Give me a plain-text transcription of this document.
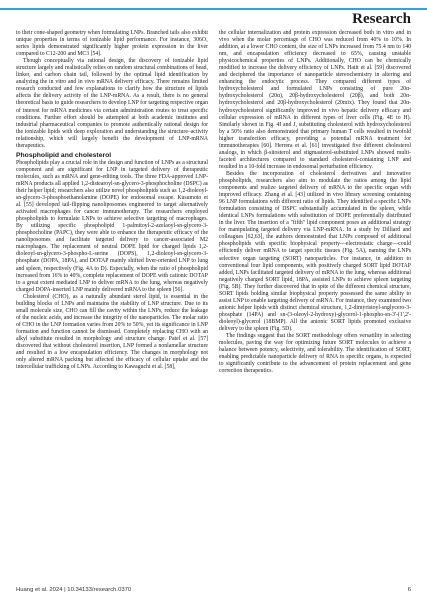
Research

to their cone-shaped geometry when formulating LNPs. Branched tails also exhibit unique properties in terms of ionizable lipid performance. For instance, 306O₁ series lipids demonstrated significantly higher protein expression in the liver compared to C12-200 and MC3 [54].

Though conceptually via rational design, the discovery of ionizable lipid structure largely and realistically relies on random structural combinations of head, linker, and carbon chain tail, followed by the optimal lipid identification by analyzing the in vitro and in vivo mRNA delivery efficacy. There remains limited research conducted and few explanations to clarify how the structure of lipids affects the delivery activity of the LNP-mRNA. As a result, there is no general theoretical basis to guide researchers to develop LNP for targeting respective organ of interest for mRNA medicines via certain administration routes to treat specific conditions. Further effort should be attempted at both academic institutes and industrial pharmaceutical companies to promote authentically rational design for the ionizable lipids with deep exploration and understanding the structure–activity relationship, which will largely benefit the development of LNP-mRNA therapeutics.

Phospholipid and cholesterol

Phospholipids play a crucial role in the design and function of LNPs as a structural component and are significant for LNP in targeted delivery of therapeutic molecules, such as mRNA and gene-editing tools. The three FDA-approved LNP-mRNA products all applied 1,2-distearoyl-sn-glycero-3-phosphocholine (DSPC) as their helper lipid; researchers also utilize novel phospholipids such as 1,2-dioleoyl-sn-glycero-3-phosphoethanolamine (DOPE) for endosomal escape. Kusumoto et al. [55] developed tail-flipping nanoliposomes engineered to target alternatively activated macrophages for cancer immunotherapy. The researchers employed phospholipids to formulate LNPs to achieve selective targeting of macrophages. By utilizing specific phospholipid 1-palmitoyl-2-azelaoyl-sn-glycero-3-phosphocholine (PAPC), they were able to enhance the therapeutic efficacy of the nanoliposomes and facilitate targeted delivery to cancer-associated M2 macrophages. The replacement of neutral DOPE lipid for charged lipids 1,2-dioleoyl-sn-glycero-3-phospho-L-serine (DOPS), 1,2-dioleoyl-sn-glycero-3-phosphate (DOPA, 18PA), and DOTAP mainly shifted liver-oriented LNP to lung and spleen, respectively (Fig. 4A to D). Especially, when the ratio of phospholipid increased from 16% to 40%, complete replacement of DOPE with cationic DOTAP to a great extent mediated LNP to deliver mRNA to the lung, whereas negatively charged DOPA-inserted LNP mainly delivered mRNA to the spleen [56].

Cholesterol (CHO), as a naturally abundant sterol lipid, is essential in the building blocks of LNPs and maintains the stability of LNP structure. Due to its small molecule size, CHO can fill the cavity within the LNPs, reduce the leakage of the nucleic acids, and increase the integrity of the nanoparticles. The molar ratio of CHO in the LNP formation varies from 20% to 50%, yet its significance in LNP formation and function cannot be dismissed. Completely replacing CHO with an alkyl substitute resulted in morphology and structure change. Patel et al. [57] discovered that without cholesterol insertion, LNP formed a nonlamellar structure and resulted in a low encapsulation efficiency. The changes in morphology not only altered mRNA packing but affected the efficacy of cellular uptake and the intercellular trafficking of LNPs. According to Kawaguchi et al. [58],

the cellular internalization and protein expression decreased both in vitro and in vivo when the molar percentage of CHO was reduced from 40% to 10%. In addition, at a lower CHO content, the size of LNPs increased from 75.4 nm to 140 nm, and encapsulation efficiency decreased to 65%, causing unstable physicochemical properties of LNPs. Additionally, CHO can be chemically modified to increase the delivery efficiency of LNPs. Hatit et al. [59] discovered and deciphered the importance of nanoparticle stereochemistry in altering and enhancing the endocytic process. They compared different types of hydroxycholesterol and formulated LNPs consisting of pure 20α-hydroxycholesterol (20α), 20β-hydroxycholesterol (20β), and both 20α-hydroxycholesterol and 20β-hydroxycholesterol (20mix). They found that 20α-hydroxycholesterol significantly improved in vivo hepatic delivery efficacy and cellular expression of mRNA in different types of liver cells (Fig. 4E to H). Similarly shown in Fig. 4I and J, substituting cholesterol with hydroxycholesterol by a 50% ratio also demonstrated that primary human T cells resulted in twofold higher transfection efficacy, providing a potential mRNA treatment for immunotherapies [60]. Herrera et al. [61] investigated five different cholesterol analogs, in which β-sitosterol and stigmasterol-substituted LNPs showed multi-faceted architectures compared to standard cholesterol-containing LNP and resulted in a 10-fold increase in endosomal perturbation efficiency.

Besides the incorporation of cholesterol derivatives and innovative phospholipids, researchers also aim to modulate the ratios among the lipid components and realize targeted delivery of mRNA to the specific organ with improved efficacy. Zhang et al. [43] utilized in vivo library screening containing 96 LNP formulations with different ratio of lipids. They identified a specific LNPs formulation consisting of DSPC substantially accumulated in the spleen, while identical LNPs formulations with substitution of DOPE preferentially distributed in the liver. The insertion of a "fifth" lipid component poses an additional strategy for manipulating targeted delivery via LNP-mRNA. In a study by Dilliard and colleagues [62,63], the authors demonstrated that LNPs composed of additional phospholipids with specific biophysical property—electrostatic charge—could efficiently deliver mRNA to target specific tissues (Fig. 5A), naming the LNPs selective organ targeting (SORT) nanoparticles. For instance, in addition to conventional four lipid components, with positively charged SORT lipid DOTAP added, LNPs facilitated targeted delivery of mRNA to the lung, whereas additional negatively charged SORT lipid, 18PA, assisted LNPs to achieve spleen targeting (Fig. 5B). They further discovered that in spite of the different chemical structure, SORT lipids holding similar biophysical property possessed the same ability to assist LNP to enable targeting delivery of mRNA. For instance, they examined two anionic helper lipids with distinct chemical structure, 1,2-dimyristoyl-snglycero-3-phosphate (14PA) and sn-(3-oleoyl-2-hydroxy)-glycerol-1-phospho-sn-3'-(1',2'-dioleoyl)-glycerol (18BMP). All the anionic SORT lipids promoted exclusive delivery to the spleen (Fig. 5D).

The findings suggest that the SORT methodology offers versatility in selecting molecules, paving the way for optimizing future SORT molecules to achieve a balance between potency, selectivity, and tolerability. The identification of SORT, enabling predictable nanoparticle delivery of RNA to specific organs, is expected to significantly contribute to the advancement of protein replacement and gene correction therapeutics.

Huang et al. 2024 | 10.34133/research.0370	6
